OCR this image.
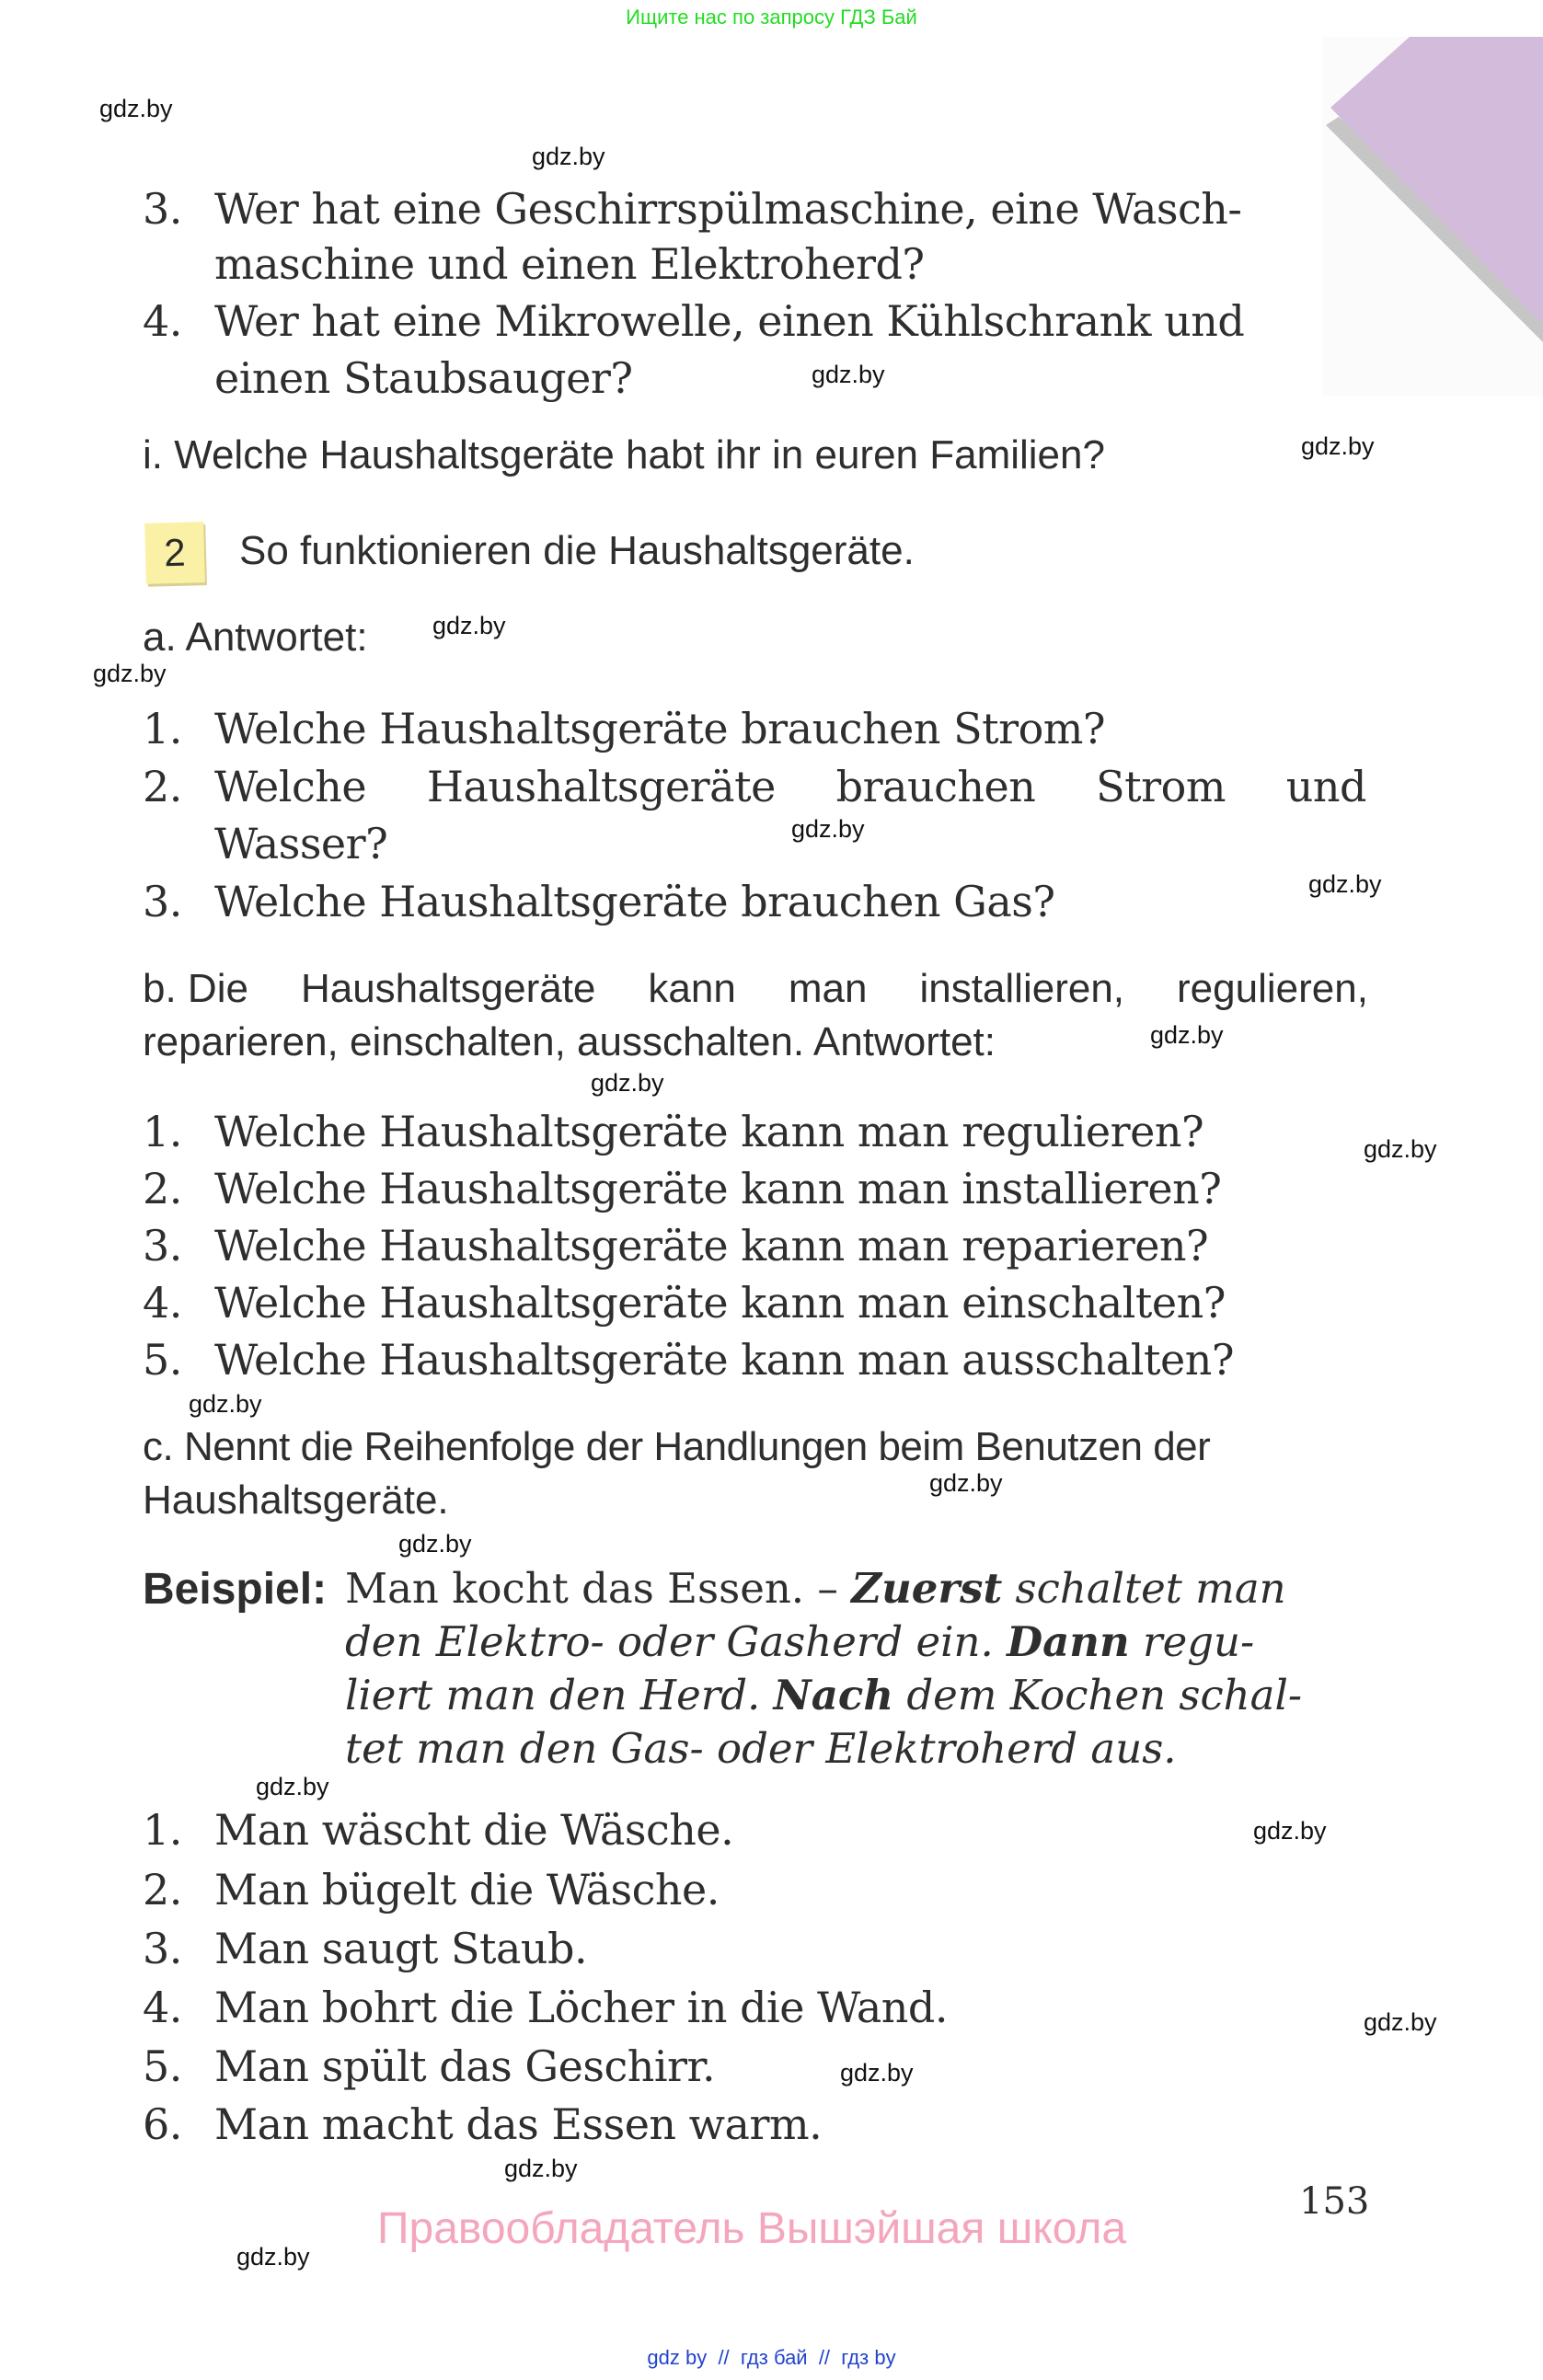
Ищите нас по запросу ГДЗ Бай
gdz.by
gdz.by
gdz.by
gdz.by
gdz.by
gdz.by
gdz.by
gdz.by
gdz.by
gdz.by
gdz.by
gdz.by
gdz.by
gdz.by
gdz.by
gdz.by
gdz.by
gdz.by
gdz.by
gdz.by
3. Wer hat eine Geschirrspülmaschine, eine Wasch-
maschine und einen Elektroherd?
4. Wer hat eine Mikrowelle, einen Kühlschrank und
einen Staubsauger?
i. Welche Haushaltsgeräte habt ihr in euren Familien?
2	So funktionieren die Haushaltsgeräte.
a. Antwortet:
1. Welche Haushaltsgeräte brauchen Strom?
2. Welche Haushaltsgeräte brauchen Strom und
Wasser?
3. Welche Haushaltsgeräte brauchen Gas?
b. Die Haushaltsgeräte kann man installieren, regulieren,
reparieren, einschalten, ausschalten. Antwortet:
1. Welche Haushaltsgeräte kann man regulieren?
2. Welche Haushaltsgeräte kann man installieren?
3. Welche Haushaltsgeräte kann man reparieren?
4. Welche Haushaltsgeräte kann man einschalten?
5. Welche Haushaltsgeräte kann man ausschalten?
c. Nennt die Reihenfolge der Handlungen beim Benutzen der
Haushaltsgeräte.
Beispiel: Man kocht das Essen. – Zuerst schaltet man
den Elektro- oder Gasherd ein. Dann regu-
liert man den Herd. Nach dem Kochen schal-
tet man den Gas- oder Elektroherd aus.
1. Man wäscht die Wäsche.
2. Man bügelt die Wäsche.
3. Man saugt Staub.
4. Man bohrt die Löcher in die Wand.
5. Man spült das Geschirr.
6. Man macht das Essen warm.
153
Правообладатель Вышэйшая школа
gdz by  //  гдз бай  //  гдз by
